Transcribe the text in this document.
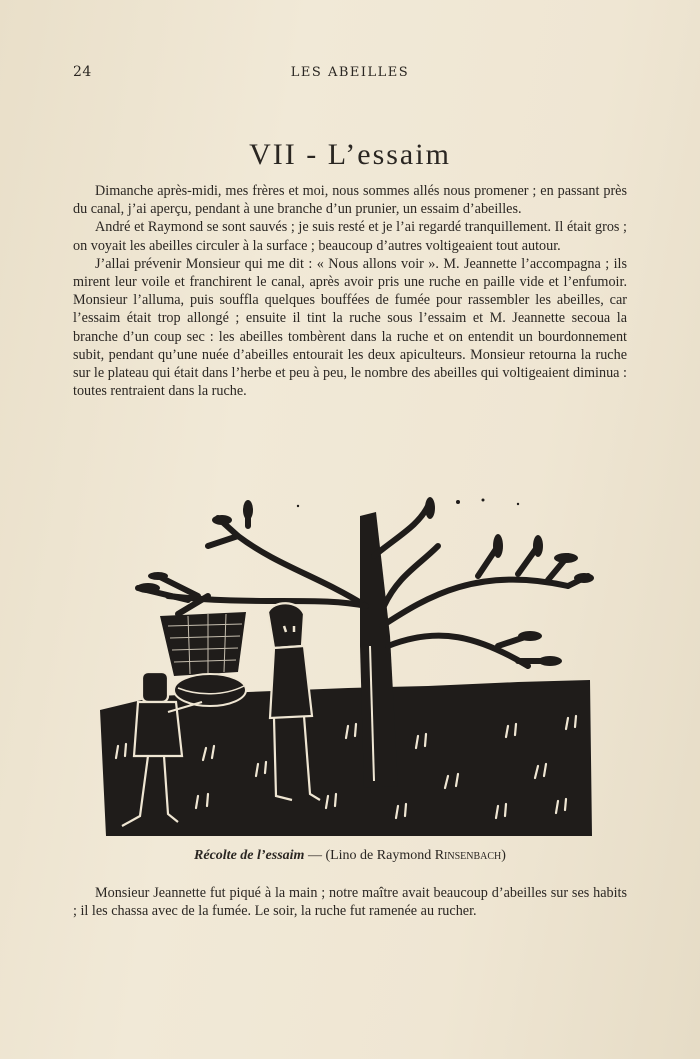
24	LES ABEILLES
VII - L’essaim

Dimanche après-midi, mes frères et moi, nous sommes allés nous promener ; en passant près du canal, j’ai aperçu, pendant à une branche d’un prunier, un essaim d’abeilles.

André et Raymond se sont sauvés ; je suis resté et je l’ai regardé tranquillement. Il était gros ; on voyait les abeilles circuler à la surface ; beaucoup d’autres voltigeaient tout autour.

J’allai prévenir Monsieur qui me dit : « Nous allons voir ». M. Jeannette l’accompagna ; ils mirent leur voile et franchirent le canal, après avoir pris une ruche en paille vide et l’enfumoir. Monsieur l’alluma, puis souffla quelques bouffées de fumée pour rassembler les abeilles, car l’essaim était trop allongé ; ensuite il tint la ruche sous l’essaim et M. Jeannette secoua la branche d’un coup sec : les abeilles tombèrent dans la ruche et on entendit un bourdonnement subit, pendant qu’une nuée d’abeilles entourait les deux apiculteurs. Monsieur retourna la ruche sur le plateau qui était dans l’herbe et peu à peu, le nombre des abeilles qui voltigeaient diminua : toutes rentraient dans la ruche.

Récolte de l’essaim — (Lino de Raymond Rinsenbach)

Monsieur Jeannette fut piqué à la main ; notre maître avait beaucoup d’abeilles sur ses habits ; il les chassa avec de la fumée. Le soir, la ruche fut ramenée au rucher.
